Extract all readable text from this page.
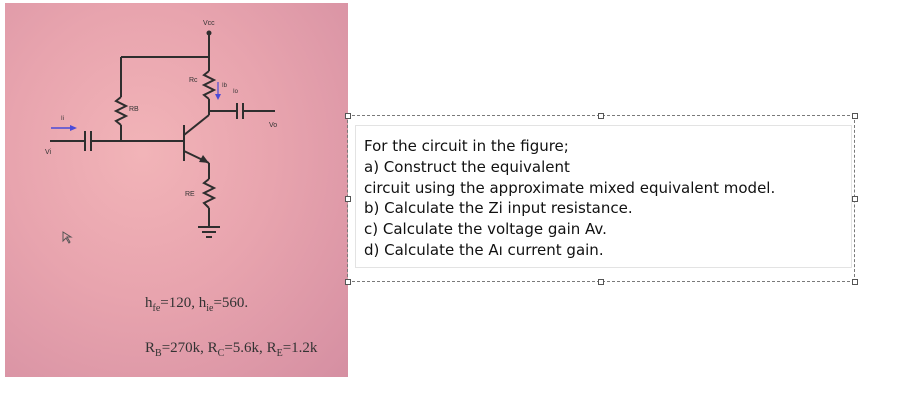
Vcc
Rc
Ib
Io
RB
Ii
Vi
Vo
RE
$h_{fe}=120$, $h_{ie}=560$.
$R_B=270k$, $R_C=5.6k$, $R_E=1.2k$
For the circuit in the figure;
a) Construct the equivalent
circuit using the approximate mixed equivalent model.
b) Calculate the Zi input resistance.
c) Calculate the voltage gain Av.
d) Calculate the Aı current gain.
